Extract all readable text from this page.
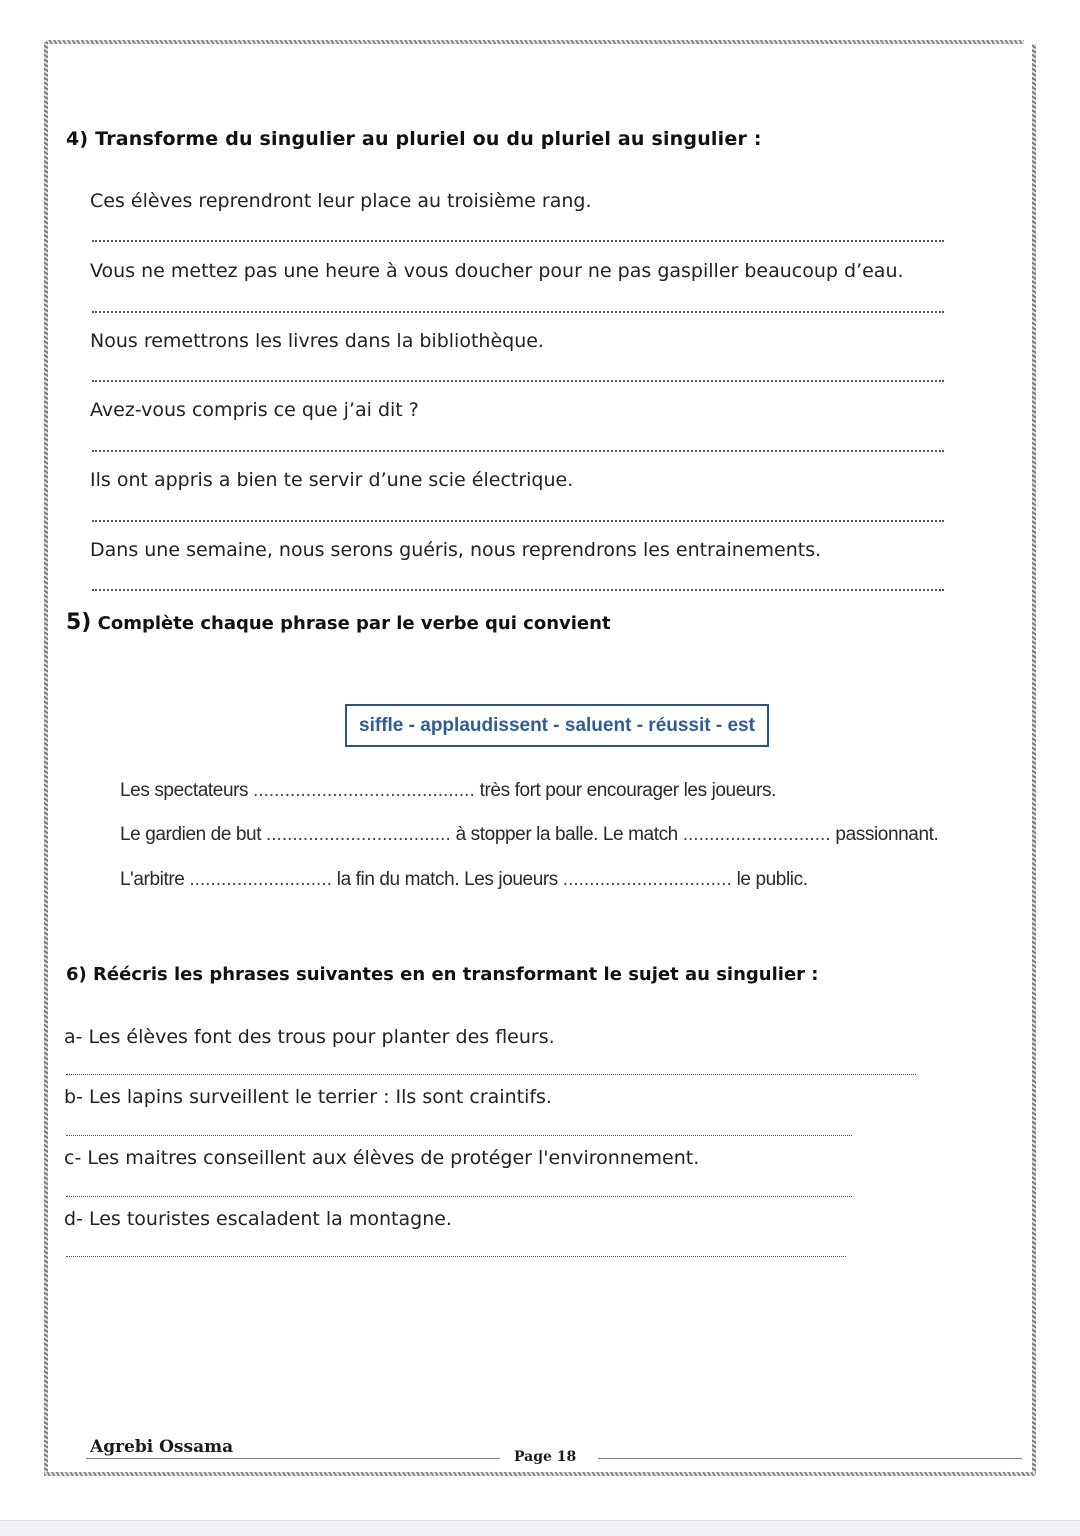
4) Transforme du singulier au pluriel ou du pluriel au singulier :
Ces élèves reprendront leur place au troisième rang.
Vous ne mettez pas une heure à vous doucher pour ne pas gaspiller beaucoup d’eau.
Nous remettrons les livres dans la bibliothèque.
Avez-vous compris ce que j’ai dit ?
Ils ont appris a bien te servir d’une scie électrique.
Dans une semaine, nous serons guéris, nous reprendrons les entrainements.
5) Complète chaque phrase par le verbe qui convient
siffle - applaudissent - saluent - réussit - est
Les spectateurs .......................................... très fort pour encourager les joueurs.
Le gardien de but ................................... à stopper la balle. Le match ............................ passionnant.
L'arbitre ........................... la fin du match. Les joueurs ................................ le public.
6) Réécris les phrases suivantes en en transformant le sujet au singulier :
a- Les élèves font des trous pour planter des fleurs.
b- Les lapins surveillent le terrier : Ils sont craintifs.
c- Les maitres conseillent aux élèves de protéger l'environnement.
d- Les touristes escaladent la montagne.
Agrebi Ossama	Page 18
